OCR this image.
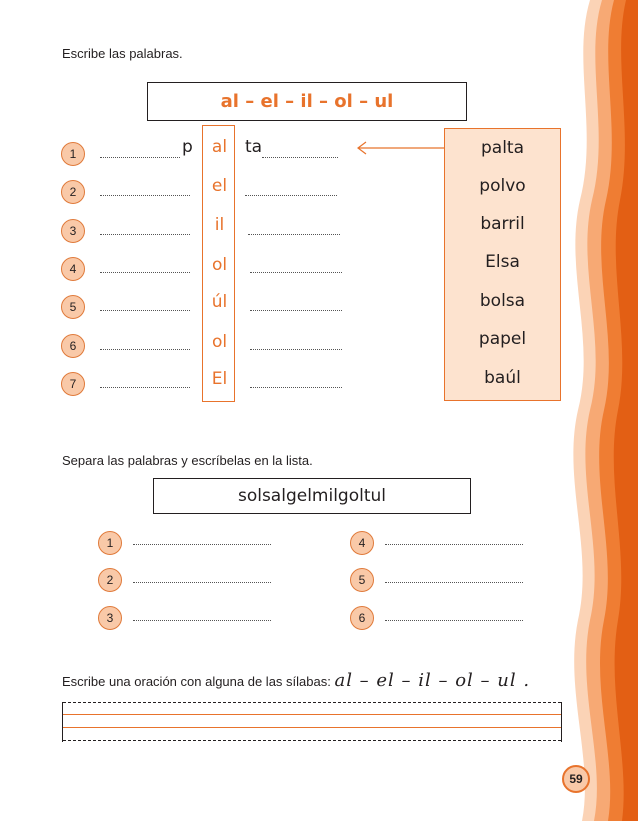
Escribe las palabras.
al – el – il – ol – ul
1
2
3
4
5
6
7
p	ta
al
el
il
ol
úl
ol
El
palta
polvo
barril
Elsa
bolsa
papel
baúl
Separa las palabras y escríbelas en la lista.
solsalgelmilgoltul
1
2
3
4
5
6
Escribe una oración con alguna de las sílabas: al – el – il – ol – ul .
59
